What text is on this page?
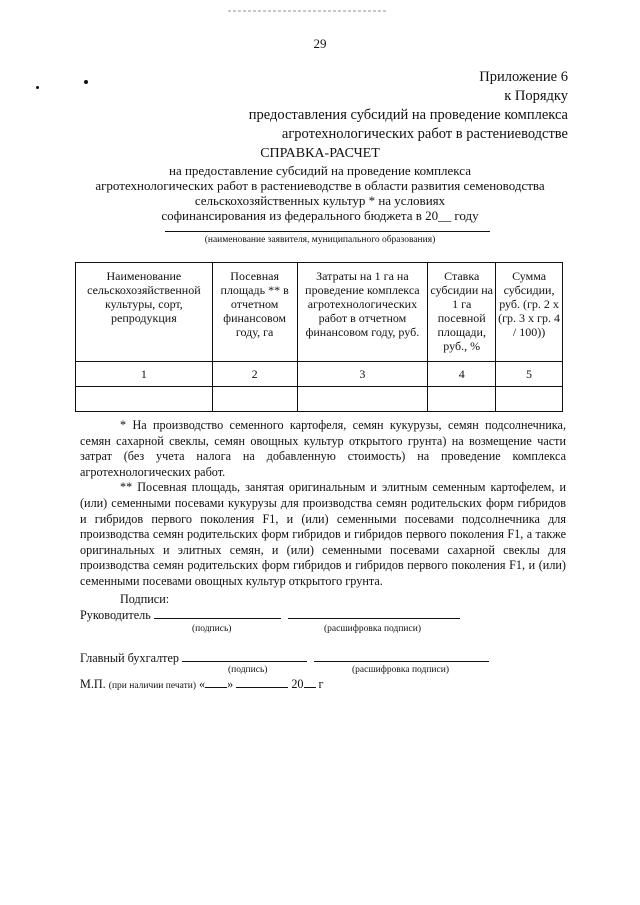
29
Приложение 6
к Порядку
предоставления субсидий на проведение комплекса
агротехнологических работ в растениеводстве
СПРАВКА-РАСЧЕТ
на предоставление субсидий на проведение комплекса
агротехнологических работ в растениеводстве в области развития семеноводства
сельскохозяйственных культур * на условиях
софинансирования из федерального бюджета в 20__ году
(наименование заявителя, муниципального образования)
Наименование сельскохозяйственной культуры, сорт, репродукция	Посевная площадь ** в отчетном финансовом году, га	Затраты на 1 га на проведение комплекса агротехнологических работ в отчетном финансовом году, руб.	Ставка субсидии на 1 га посевной площади, руб., %	Сумма субсидии, руб. (гр. 2 х (гр. 3 х гр. 4 / 100))
1	2	3	4	5

* На производство семенного картофеля, семян кукурузы, семян подсолнечника, семян сахарной свеклы, семян овощных культур открытого грунта) на возмещение части затрат (без учета налога на добавленную стоимость) на проведение комплекса агротехнологических работ.

** Посевная площадь, занятая оригинальным и элитным семенным картофелем, и (или) семенными посевами кукурузы для производства семян родительских форм гибридов и гибридов первого поколения F1, и (или) семенными посевами подсолнечника для производства семян родительских форм гибридов и гибридов первого поколения F1, а также оригинальных и элитных семян, и (или) семенными посевами сахарной свеклы для производства семян родительских форм гибридов и гибридов первого поколения F1, и (или) семенными посевами овощных культур открытого грунта.

Подписи:
Руководитель
(подпись)	(расшифровка подписи)
Главный бухгалтер
(подпись)	(расшифровка подписи)
М.П. (при наличии печати) « »	20 г
